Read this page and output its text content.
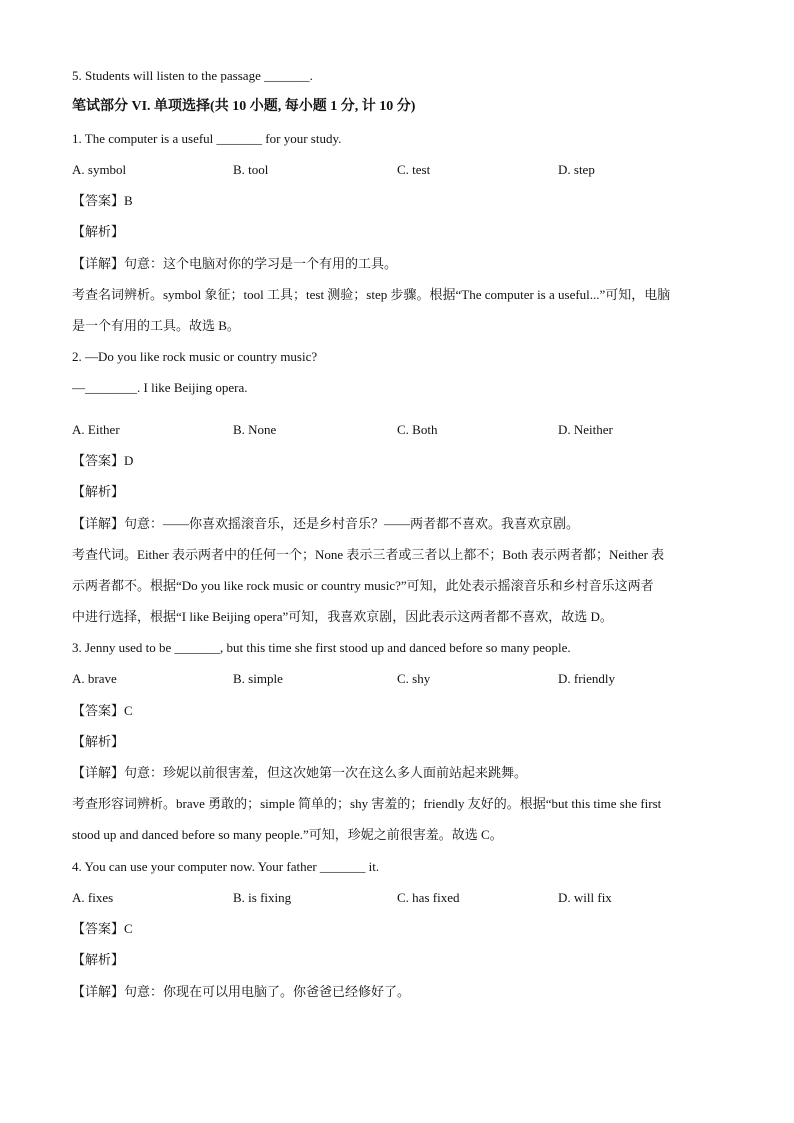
5. Students will listen to the passage _______.
笔试部分 VI. 单项选择(共 10 小题, 每小题 1 分, 计 10 分)
1. The computer is a useful _______ for your study.
A. symbol	B. tool	C. test	D. step
【答案】B
【解析】
【详解】句意：这个电脑对你的学习是一个有用的工具。
考查名词辨析。symbol 象征；tool 工具；test 测验；step 步骤。根据“The computer is a useful...”可知，电脑
是一个有用的工具。故选 B。
2. —Do you like rock music or country music?
—________. I like Beijing opera.
A. Either	B. None	C. Both	D. Neither
【答案】D
【解析】
【详解】句意：——你喜欢摇滚音乐，还是乡村音乐？——两者都不喜欢。我喜欢京剧。
考查代词。Either 表示两者中的任何一个；None 表示三者或三者以上都不；Both 表示两者都；Neither 表
示两者都不。根据“Do you like rock music or country music?”可知，此处表示摇滚音乐和乡村音乐这两者
中进行选择，根据“I like Beijing opera”可知，我喜欢京剧，因此表示这两者都不喜欢，故选 D。
3. Jenny used to be _______, but this time she first stood up and danced before so many people.
A. brave	B. simple	C. shy	D. friendly
【答案】C
【解析】
【详解】句意：珍妮以前很害羞，但这次她第一次在这么多人面前站起来跳舞。
考查形容词辨析。brave 勇敢的；simple 简单的；shy 害羞的；friendly 友好的。根据“but this time she first
stood up and danced before so many people.”可知，珍妮之前很害羞。故选 C。
4. You can use your computer now. Your father _______ it.
A. fixes	B. is fixing	C. has fixed	D. will fix
【答案】C
【解析】
【详解】句意：你现在可以用电脑了。你爸爸已经修好了。
